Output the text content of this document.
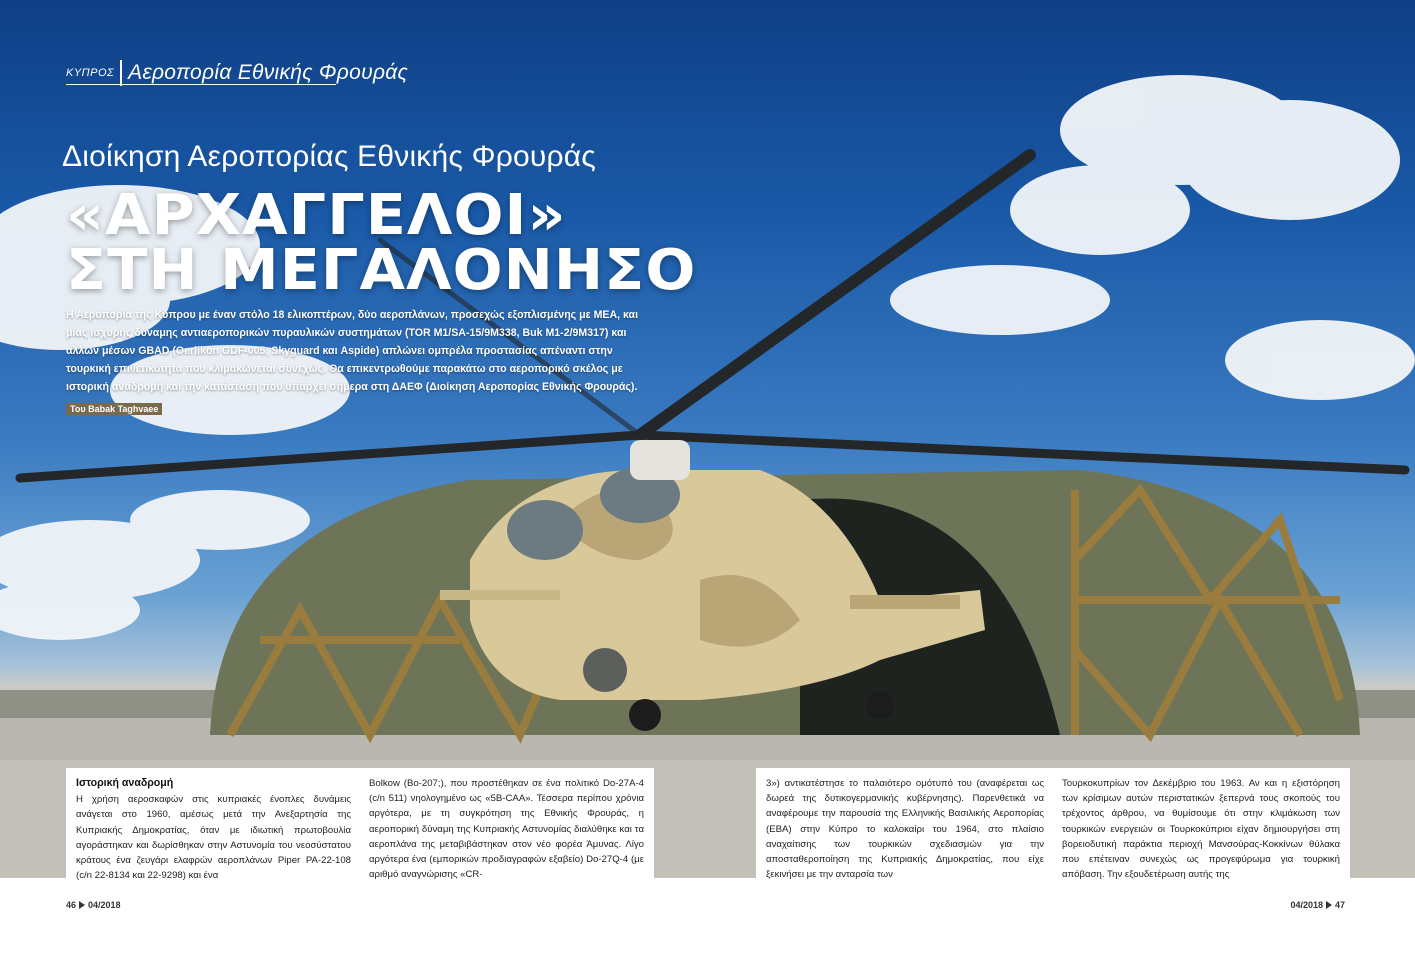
ΚΥΠΡΟΣ Αεροπορία Εθνικής Φρουράς
Διοίκηση Αεροπορίας Εθνικής Φρουράς
«ΑΡΧΑΓΓΕΛΟΙ»
ΣΤΗ ΜΕΓΑΛΟΝΗΣΟ
Η Αεροπορία της Κύπρου με έναν στόλο 18 ελικοπτέρων, δύο αεροπλάνων, προσεχώς εξοπλισμένης με ΜΕΑ, και μίας ισχυρής δύναμης αντιαεροπορικών πυραυλικών συστημάτων (TOR M1/SA-15/9M338, Buk M1-2/9M317) και άλλων μέσων GBAD (Oerlikon GDF-005, Skyguard και Aspide) απλώνει ομπρέλα προστασίας απέναντι στην τουρκική επιθετικότητα που κλιμακώνεται συνεχώς. Θα επικεντρωθούμε παρακάτω στο αεροπορικό σκέλος με ιστορική αναδρομή και την κατάσταση που υπάρχει σήμερα στη ΔΑΕΦ (Διοίκηση Αεροπορίας Εθνικής Φρουράς).
Του Babak Taghvaee
Ιστορική αναδρομή

Η χρήση αεροσκαφών στις κυπριακές ένοπλες δυνάμεις ανάγεται στο 1960, αμέσως μετά την Ανεξαρτησία της Κυπριακής Δημοκρατίας, όταν με ιδιωτική πρωτοβουλία αγοράστηκαν και δωρίσθηκαν στην Αστυνομία του νεοσύστατου κράτους ένα ζευγάρι ελαφρών αεροπλάνων Piper PA-22-108 (c/n 22-8134 και 22-9298) και ένα

Bolkow (Bo-207;), που προστέθηκαν σε ένα πολιτικό Do-27A-4 (c/n 511) νηολογημένο ως «5B-CAA». Τέσσερα περίπου χρόνια αργότερα, με τη συγκρότηση της Εθνικής Φρουράς, η αεροπορική δύναμη της Κυπριακής Αστυνομίας διαλύθηκε και τα αεροπλάνα της μεταβιβάστηκαν στον νέο φορέα Άμυνας. Λίγο αργότερα ένα (εμπορικών προδιαγραφών εξαβείο) Do-27Q-4 (με αριθμό αναγνώρισης «CR-

3») αντικατέστησε το παλαιότερο ομότυπό του (αναφέρεται ως δωρεά της δυτικογερμανικής κυβέρνησης). Παρενθετικά να αναφέρουμε την παρουσία της Ελληνικής Βασιλικής Αεροπορίας (ΕΒΑ) στην Κύπρο το καλοκαίρι του 1964, στο πλαίσιο αναχαίτισης των τουρκικών σχεδιασμών για την αποσταθεροποίηση της Κυπριακής Δημοκρατίας, που είχε ξεκινήσει με την ανταρσία των

Τουρκοκυπρίων τον Δεκέμβριο του 1963. Αν και η εξιστόρηση των κρίσιμων αυτών περιστατικών ξεπερνά τους σκοπούς του τρέχοντος άρθρου, να θυμίσουμε ότι στην κλιμάκωση των τουρκικών ενεργειών οι Τουρκοκύπριοι είχαν δημιουργήσει στη βορειοδυτική παράκτια περιοχή Μανσούρας-Κοκκίνων θύλακα που επέτειναν συνεχώς ως προγεφύρωμα για τουρκική απόβαση. Την εξουδετέρωση αυτής της

46 04/2018	04/2018 47
